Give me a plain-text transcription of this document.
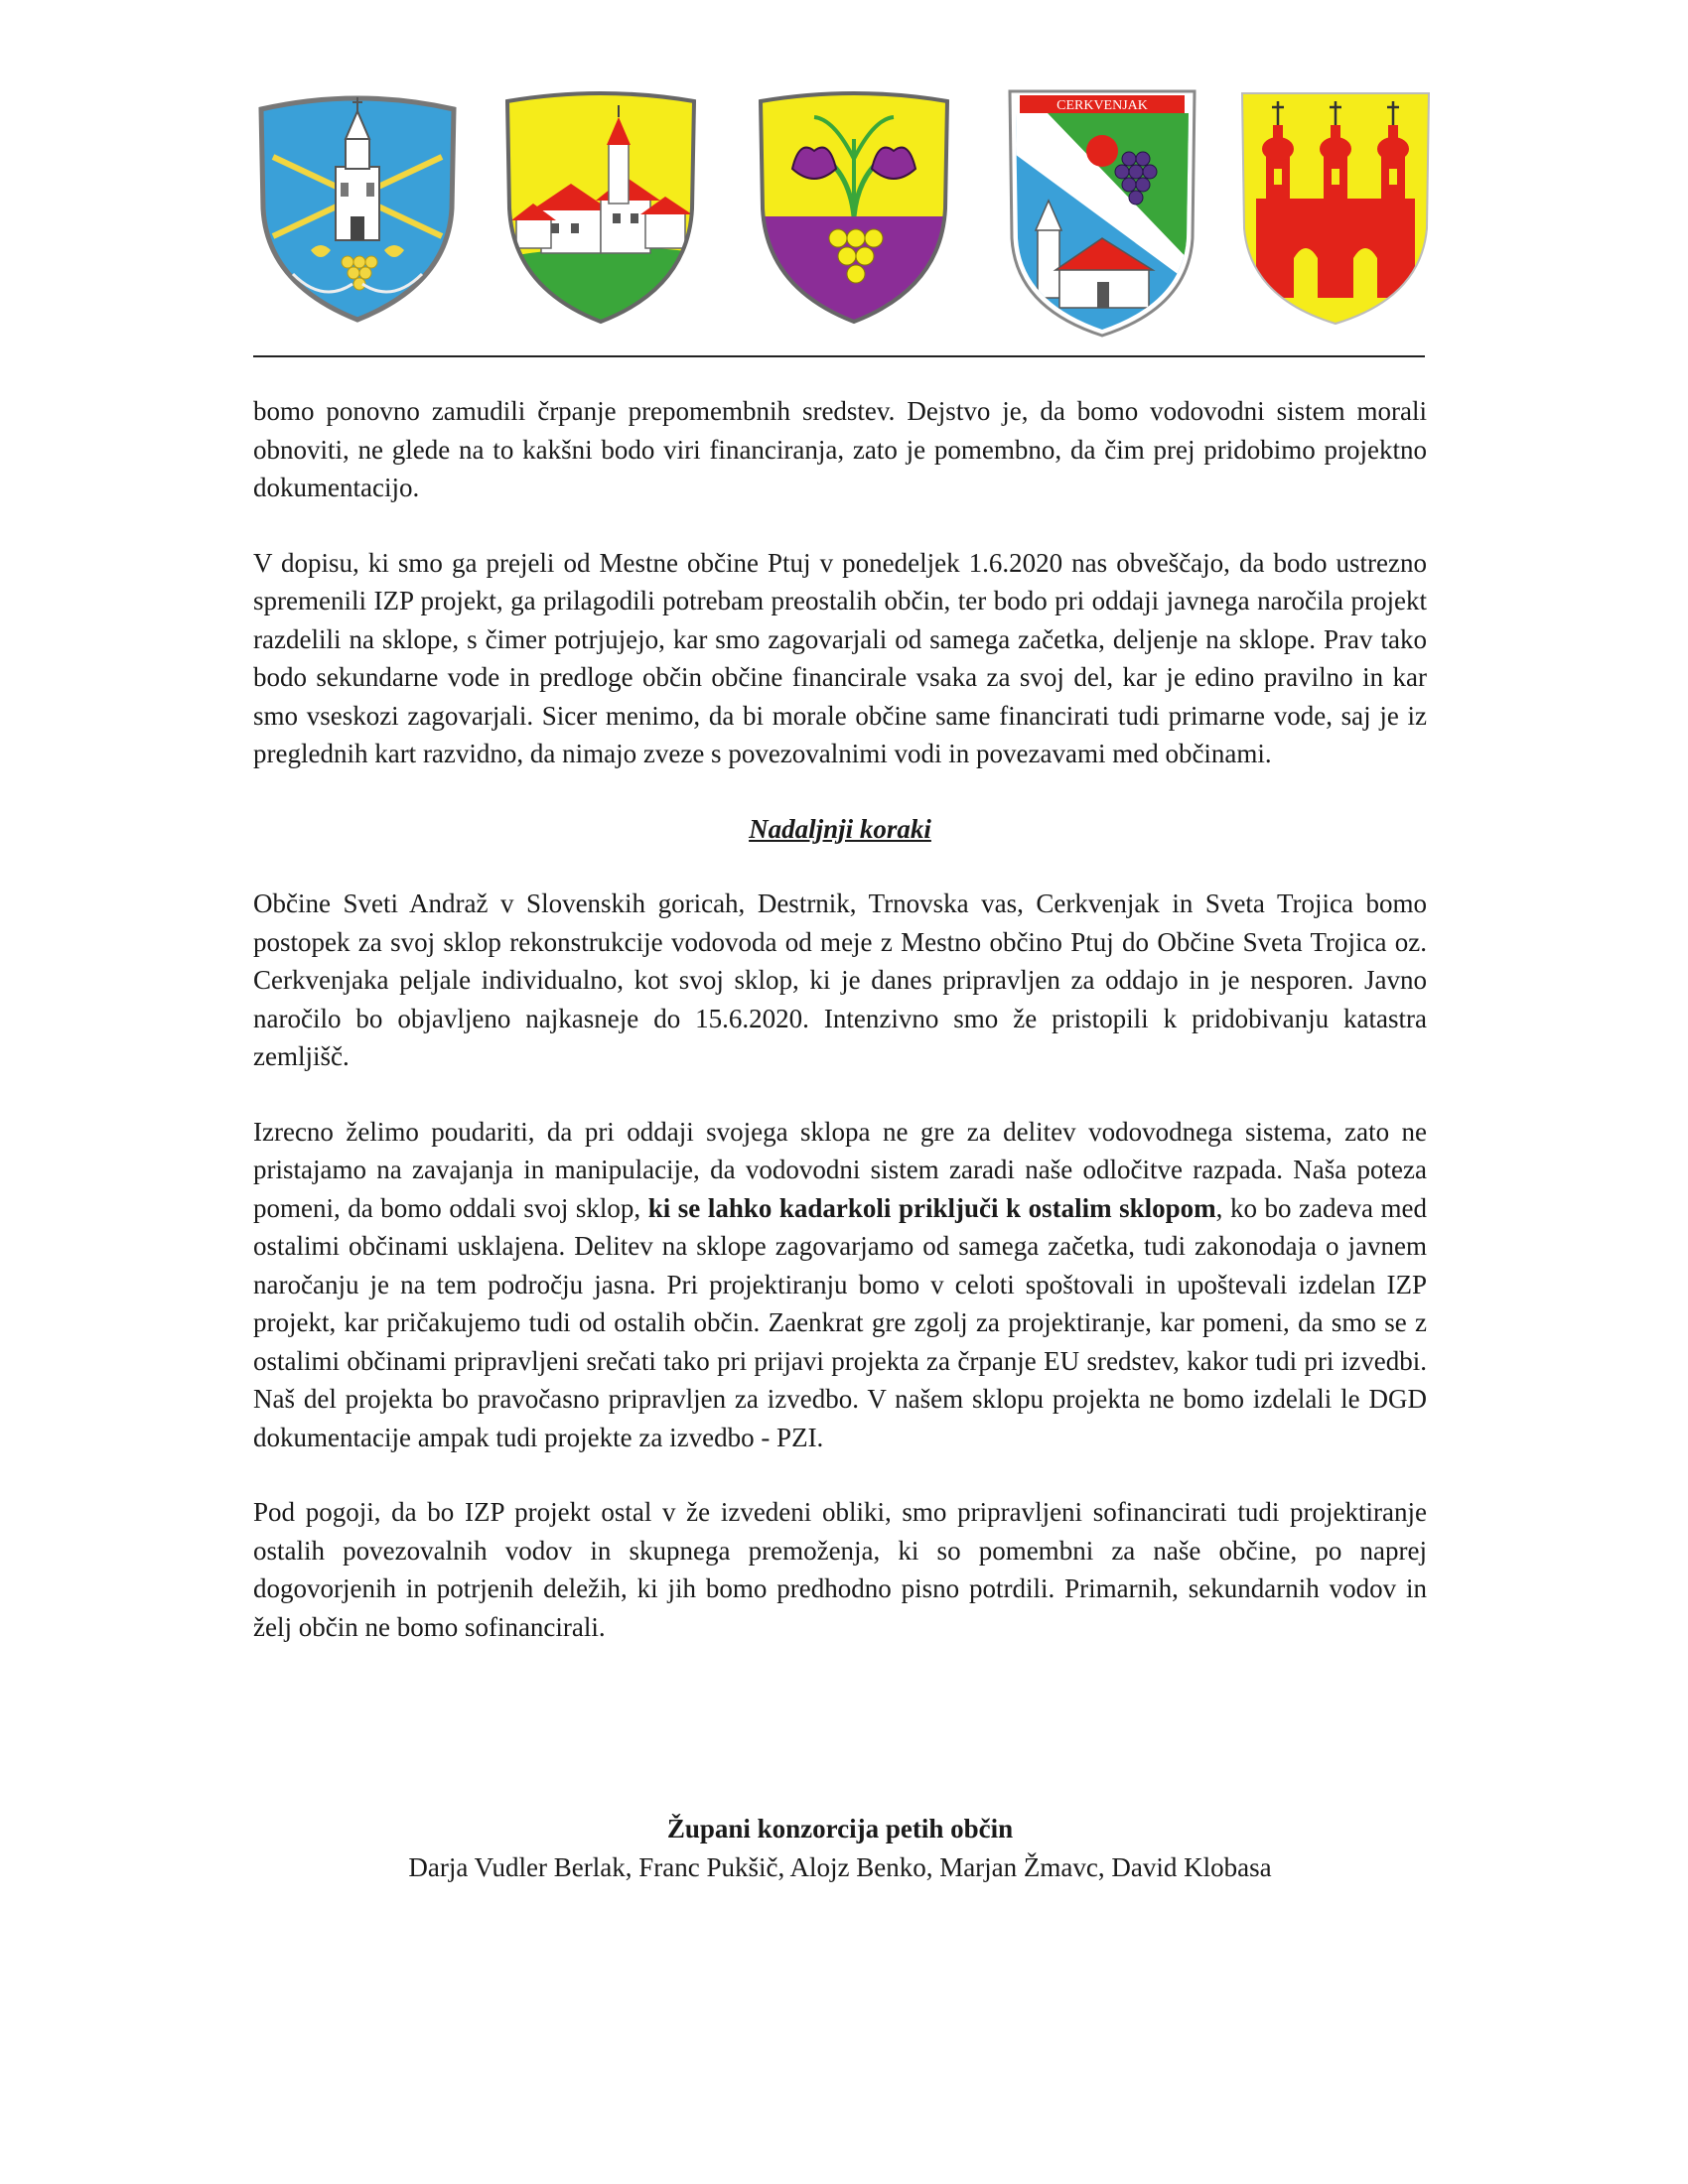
CERKVENJAK

bomo ponovno zamudili črpanje prepomembnih sredstev. Dejstvo je, da bomo vodovodni sistem morali obnoviti, ne glede na to kakšni bodo viri financiranja, zato je pomembno, da čim prej pridobimo projektno dokumentacijo.

V dopisu, ki smo ga prejeli od Mestne občine Ptuj v ponedeljek 1.6.2020 nas obveščajo, da bodo ustrezno spremenili IZP projekt, ga prilagodili potrebam preostalih občin, ter bodo pri oddaji javnega naročila projekt razdelili na sklope, s čimer potrjujejo, kar smo zagovarjali od samega začetka, deljenje na sklope. Prav tako bodo sekundarne vode in predloge občin občine financirale vsaka za svoj del, kar je edino pravilno in kar smo vseskozi zagovarjali. Sicer menimo, da bi morale občine same financirati tudi primarne vode, saj je iz preglednih kart razvidno, da nimajo zveze s povezovalnimi vodi in povezavami med občinami.

Nadaljnji koraki

Občine Sveti Andraž v Slovenskih goricah, Destrnik, Trnovska vas, Cerkvenjak in Sveta Trojica bomo postopek za svoj sklop rekonstrukcije vodovoda od meje z Mestno občino Ptuj do Občine Sveta Trojica oz. Cerkvenjaka peljale individualno, kot svoj sklop, ki je danes pripravljen za oddajo in je nesporen. Javno naročilo bo objavljeno najkasneje do 15.6.2020. Intenzivno smo že pristopili k pridobivanju katastra zemljišč.

Izrecno želimo poudariti, da pri oddaji svojega sklopa ne gre za delitev vodovodnega sistema, zato ne pristajamo na zavajanja in manipulacije, da vodovodni sistem zaradi naše odločitve razpada. Naša poteza pomeni, da bomo oddali svoj sklop, ki se lahko kadarkoli priključi k ostalim sklopom, ko bo zadeva med ostalimi občinami usklajena. Delitev na sklope zagovarjamo od samega začetka, tudi zakonodaja o javnem naročanju je na tem področju jasna. Pri projektiranju bomo v celoti spoštovali in upoštevali izdelan IZP projekt, kar pričakujemo tudi od ostalih občin. Zaenkrat gre zgolj za projektiranje, kar pomeni, da smo se z ostalimi občinami pripravljeni srečati tako pri prijavi projekta za črpanje EU sredstev, kakor tudi pri izvedbi. Naš del projekta bo pravočasno pripravljen za izvedbo. V našem sklopu projekta ne bomo izdelali le DGD dokumentacije ampak tudi projekte za izvedbo - PZI.

Pod pogoji, da bo IZP projekt ostal v že izvedeni obliki, smo pripravljeni sofinancirati tudi projektiranje ostalih povezovalnih vodov in skupnega premoženja, ki so pomembni za naše občine, po naprej dogovorjenih in potrjenih deležih, ki jih bomo predhodno pisno potrdili. Primarnih, sekundarnih vodov in želj občin ne bomo sofinancirali.

Župani konzorcija petih občin
Darja Vudler Berlak, Franc Pukšič, Alojz Benko, Marjan Žmavc, David Klobasa
